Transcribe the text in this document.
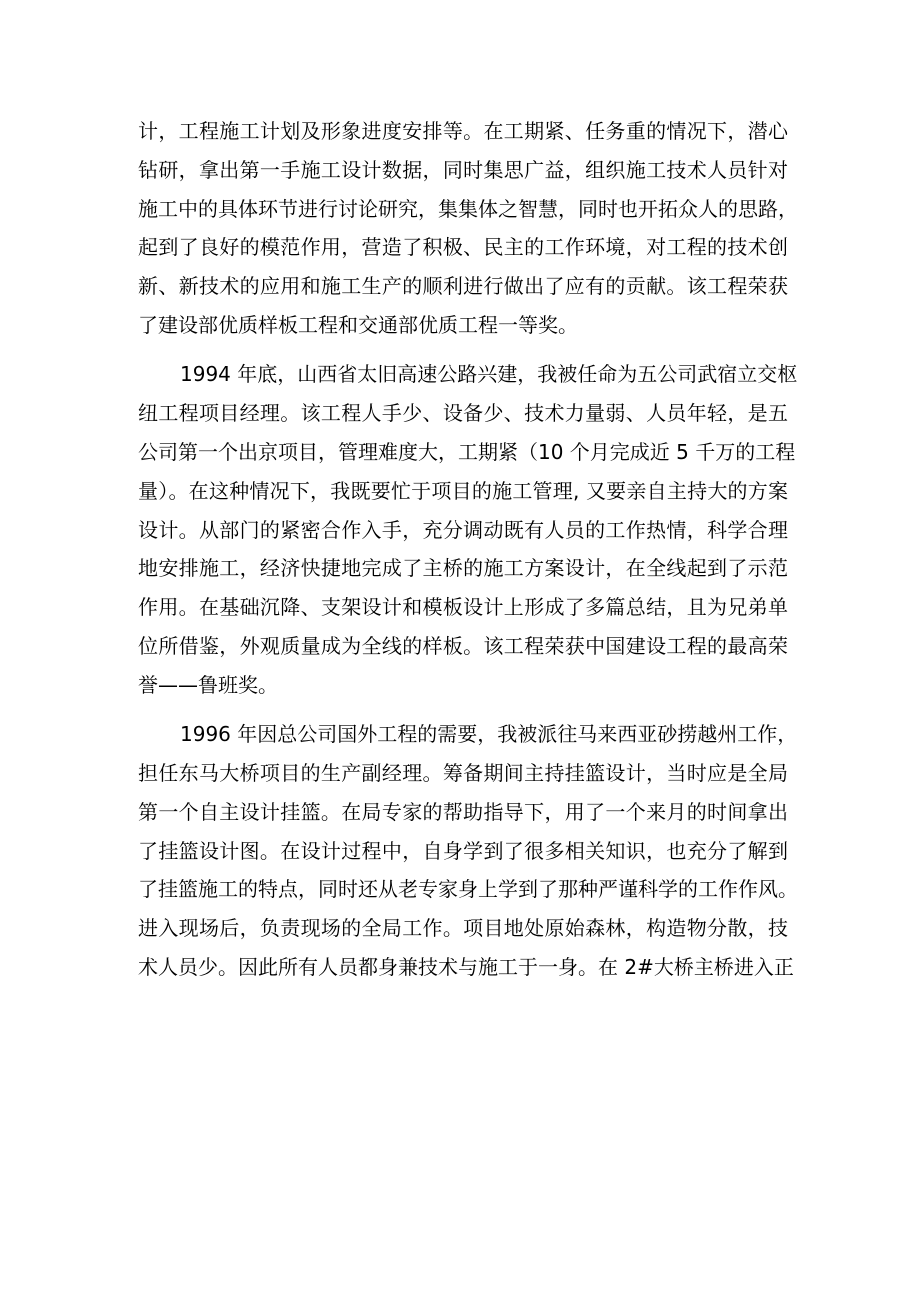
计，工程施工计划及形象进度安排等。在工期紧、任务重的情况下，潜心
钻研，拿出第一手施工设计数据，同时集思广益，组织施工技术人员针对
施工中的具体环节进行讨论研究，集集体之智慧，同时也开拓众人的思路，
起到了良好的模范作用，营造了积极、民主的工作环境，对工程的技术创
新、新技术的应用和施工生产的顺利进行做出了应有的贡献。该工程荣获
了建设部优质样板工程和交通部优质工程一等奖。
1994 年底，山西省太旧高速公路兴建，我被任命为五公司武宿立交枢
纽工程项目经理。该工程人手少、设备少、技术力量弱、人员年轻，是五
公司第一个出京项目，管理难度大，工期紧（10 个月完成近 5 千万的工程
量）。在这种情况下，我既要忙于项目的施工管理, 又要亲自主持大的方案
设计。从部门的紧密合作入手，充分调动既有人员的工作热情，科学合理
地安排施工，经济快捷地完成了主桥的施工方案设计，在全线起到了示范
作用。在基础沉降、支架设计和模板设计上形成了多篇总结，且为兄弟单
位所借鉴，外观质量成为全线的样板。该工程荣获中国建设工程的最高荣
誉——鲁班奖。
1996 年因总公司国外工程的需要，我被派往马来西亚砂捞越州工作，
担任东马大桥项目的生产副经理。筹备期间主持挂篮设计，当时应是全局
第一个自主设计挂篮。在局专家的帮助指导下，用了一个来月的时间拿出
了挂篮设计图。在设计过程中，自身学到了很多相关知识，也充分了解到
了挂篮施工的特点，同时还从老专家身上学到了那种严谨科学的工作作风。
进入现场后，负责现场的全局工作。项目地处原始森林，构造物分散，技
术人员少。因此所有人员都身兼技术与施工于一身。在 2#大桥主桥进入正
